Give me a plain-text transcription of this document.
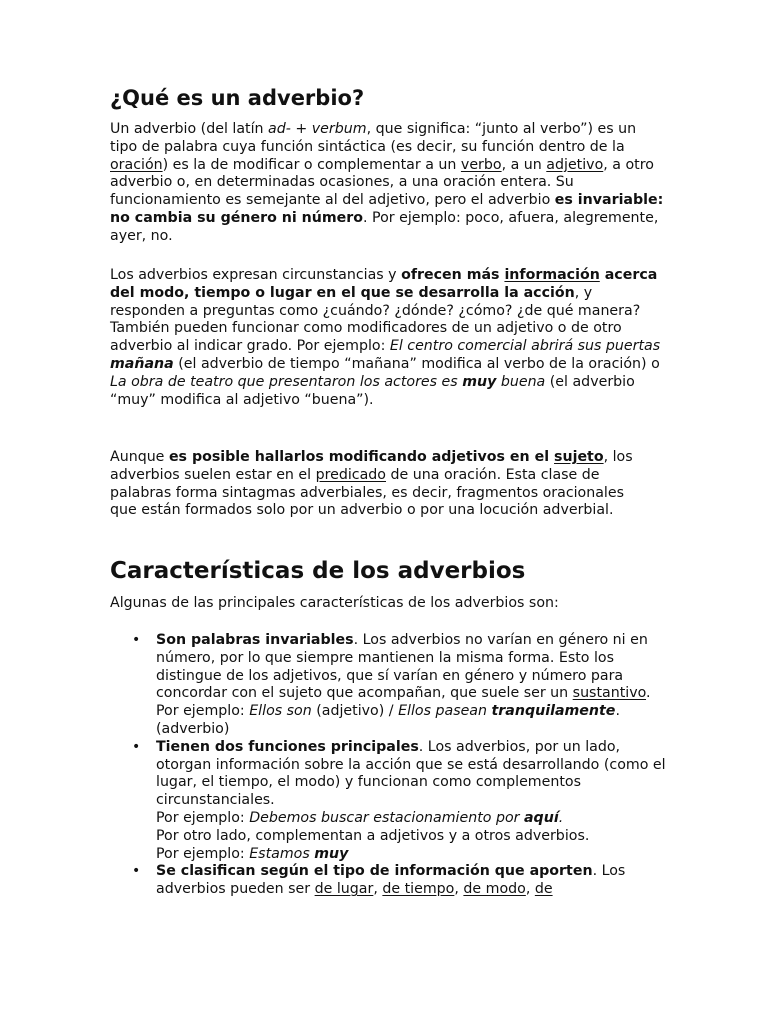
¿Qué es un adverbio?

Un adverbio (del latín ad- + verbum, que significa: “junto al verbo”) es un tipo de palabra cuya función sintáctica (es decir, su función dentro de la oración) es la de modificar o complementar a un verbo, a un adjetivo, a otro adverbio o, en determinadas ocasiones, a una oración entera. Su funcionamiento es semejante al del adjetivo, pero el adverbio es invariable: no cambia su género ni número. Por ejemplo: poco, afuera, alegremente, ayer, no.

Los adverbios expresan circunstancias y ofrecen más información acerca del modo, tiempo o lugar en el que se desarrolla la acción, y responden a preguntas como ¿cuándo? ¿dónde? ¿cómo? ¿de qué manera? También pueden funcionar como modificadores de un adjetivo o de otro adverbio al indicar grado. Por ejemplo: El centro comercial abrirá sus puertas mañana (el adverbio de tiempo “mañana” modifica al verbo de la oración) o La obra de teatro que presentaron los actores es muy buena (el adverbio “muy” modifica al adjetivo “buena”).

Aunque es posible hallarlos modificando adjetivos en el sujeto, los adverbios suelen estar en el predicado de una oración. Esta clase de palabras forma sintagmas adverbiales, es decir, fragmentos oracionales que están formados solo por un adverbio o por una locución adverbial.

Características de los adverbios

Algunas de las principales características de los adverbios son:

• Son palabras invariables. Los adverbios no varían en género ni en número, por lo que siempre mantienen la misma forma. Esto los distingue de los adjetivos, que sí varían en género y número para concordar con el sujeto que acompañan, que suele ser un sustantivo.
Por ejemplo: Ellos son (adjetivo) / Ellos pasean tranquilamente. (adverbio)
• Tienen dos funciones principales. Los adverbios, por un lado, otorgan información sobre la acción que se está desarrollando (como el lugar, el tiempo, el modo) y funcionan como complementos circunstanciales.
Por ejemplo: Debemos buscar estacionamiento por aquí.
Por otro lado, complementan a adjetivos y a otros adverbios.
Por ejemplo: Estamos muy
• Se clasifican según el tipo de información que aporten. Los adverbios pueden ser de lugar, de tiempo, de modo, de
